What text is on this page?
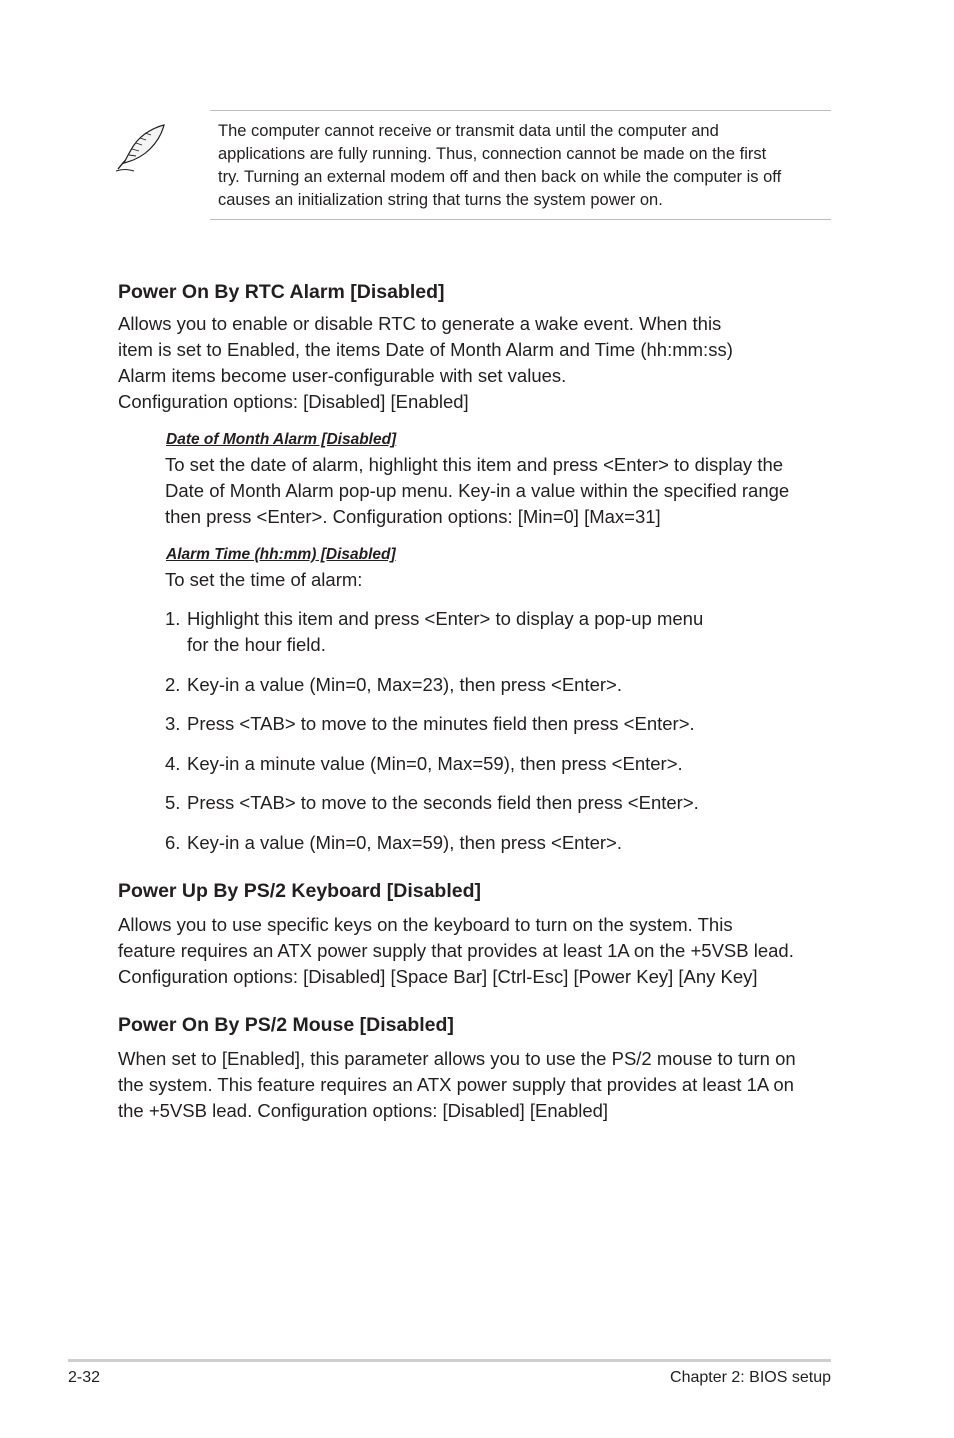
The computer cannot receive or transmit data until the computer and
applications are fully running. Thus, connection cannot be made on the first
try. Turning an external modem off and then back on while the computer is off
causes an initialization string that turns the system power on.
Power On By RTC Alarm [Disabled]
Allows you to enable or disable RTC to generate a wake event. When this
item is set to Enabled, the items Date of Month Alarm and Time (hh:mm:ss)
Alarm items become user-configurable with set values.
Configuration options: [Disabled] [Enabled]
Date of Month Alarm [Disabled]
To set the date of alarm, highlight this item and press <Enter> to display the
Date of Month Alarm pop-up menu. Key-in a value within the specified range
then press <Enter>. Configuration options: [Min=0] [Max=31]
Alarm Time (hh:mm) [Disabled]
To set the time of alarm:
1. Highlight this item and press <Enter> to display a pop-up menu
for the hour field.
2. Key-in a value (Min=0, Max=23), then press <Enter>.
3. Press <TAB> to move to the minutes field then press <Enter>.
4. Key-in a minute value (Min=0, Max=59), then press <Enter>.
5. Press <TAB> to move to the seconds field then press <Enter>.
6. Key-in a value (Min=0, Max=59), then press <Enter>.
Power Up By PS/2 Keyboard [Disabled]
Allows you to use specific keys on the keyboard to turn on the system. This
feature requires an ATX power supply that provides at least 1A on the +5VSB lead.
Configuration options: [Disabled] [Space Bar] [Ctrl-Esc] [Power Key] [Any Key]
Power On By PS/2 Mouse [Disabled]
When set to [Enabled], this parameter allows you to use the PS/2 mouse to turn on
the system. This feature requires an ATX power supply that provides at least 1A on
the +5VSB lead. Configuration options: [Disabled] [Enabled]
2-32	Chapter 2: BIOS setup
